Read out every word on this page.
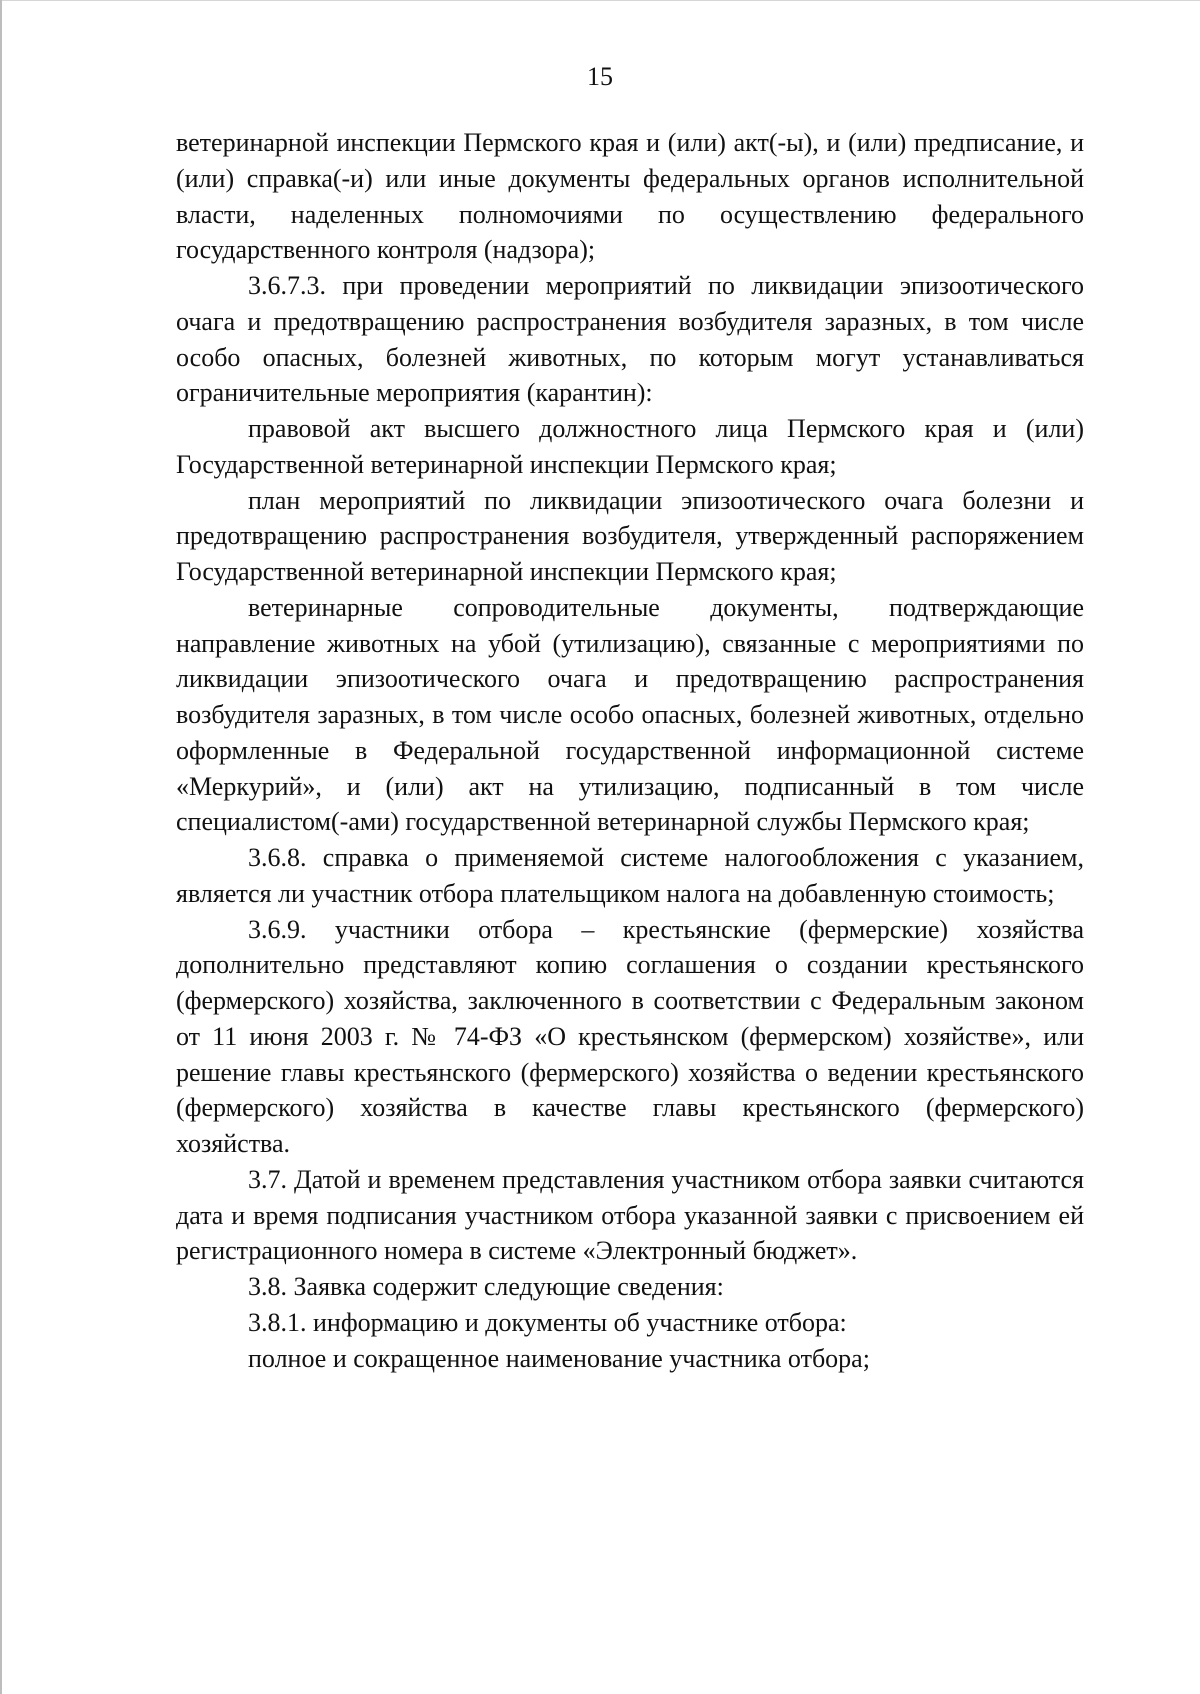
15

ветеринарной инспекции Пермского края и (или) акт(-ы), и (или) предписание, и (или) справка(-и) или иные документы федеральных органов исполнительной власти, наделенных полномочиями по осуществлению федерального государственного контроля (надзора);

3.6.7.3. при проведении мероприятий по ликвидации эпизоотического очага и предотвращению распространения возбудителя заразных, в том числе особо опасных, болезней животных, по которым могут устанавливаться ограничительные мероприятия (карантин):

правовой акт высшего должностного лица Пермского края и (или) Государственной ветеринарной инспекции Пермского края;

план мероприятий по ликвидации эпизоотического очага болезни и предотвращению распространения возбудителя, утвержденный распоряжением Государственной ветеринарной инспекции Пермского края;

ветеринарные сопроводительные документы, подтверждающие направление животных на убой (утилизацию), связанные с мероприятиями по ликвидации эпизоотического очага и предотвращению распространения возбудителя заразных, в том числе особо опасных, болезней животных, отдельно оформленные в Федеральной государственной информационной системе «Меркурий», и (или) акт на утилизацию, подписанный в том числе специалистом(-ами) государственной ветеринарной службы Пермского края;

3.6.8. справка о применяемой системе налогообложения с указанием, является ли участник отбора плательщиком налога на добавленную стоимость;

3.6.9. участники отбора – крестьянские (фермерские) хозяйства дополнительно представляют копию соглашения о создании крестьянского (фермерского) хозяйства, заключенного в соответствии с Федеральным законом от 11 июня 2003 г. № 74-ФЗ «О крестьянском (фермерском) хозяйстве», или решение главы крестьянского (фермерского) хозяйства о ведении крестьянского (фермерского) хозяйства в качестве главы крестьянского (фермерского) хозяйства.

3.7. Датой и временем представления участником отбора заявки считаются дата и время подписания участником отбора указанной заявки с присвоением ей регистрационного номера в системе «Электронный бюджет».

3.8. Заявка содержит следующие сведения:

3.8.1. информацию и документы об участнике отбора:

полное и сокращенное наименование участника отбора;
